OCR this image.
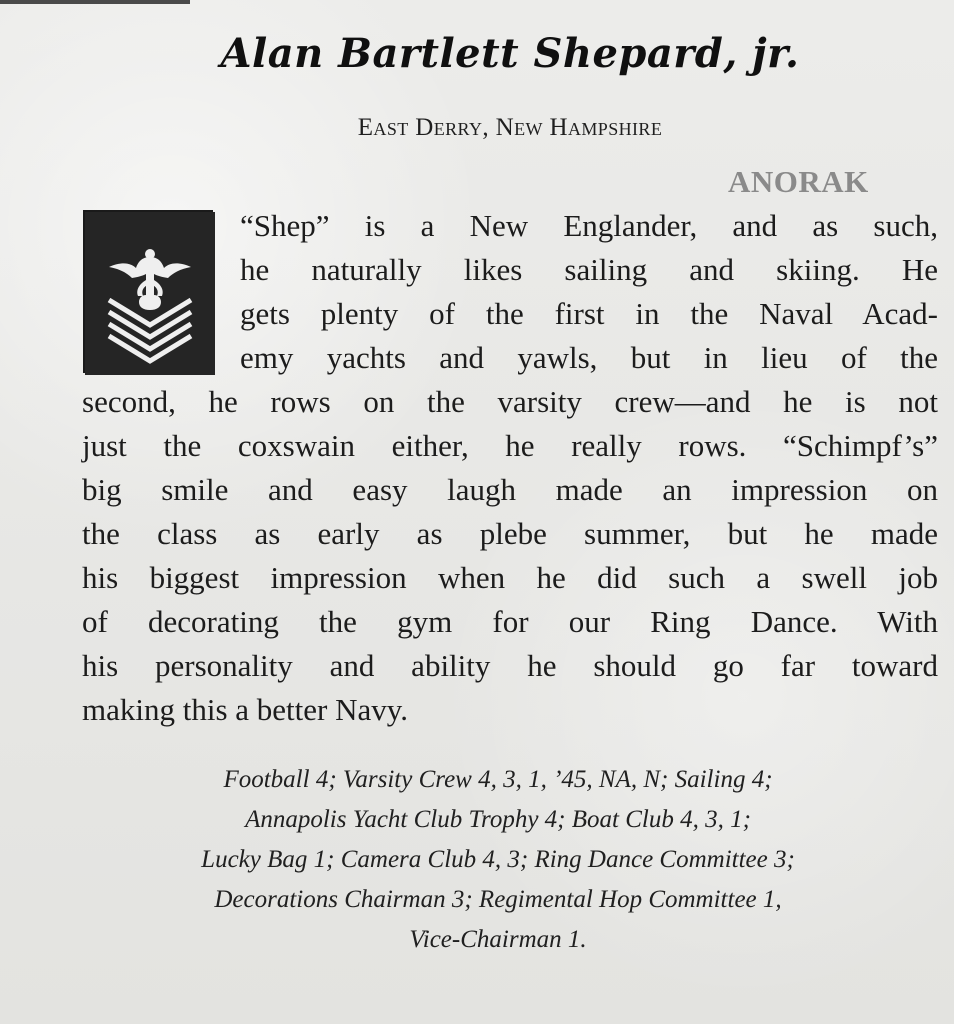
Alan Bartlett Shepard, jr.
East Derry, New Hampshire
ANORAK
“Shep” is a New Englander, and as such,
he naturally likes sailing and skiing. He
gets plenty of the first in the Naval Acad-
emy yachts and yawls, but in lieu of the
second, he rows on the varsity crew—and he is not
just the coxswain either, he really rows. “Schimpf’s”
big smile and easy laugh made an impression on
the class as early as plebe summer, but he made
his biggest impression when he did such a swell job
of decorating the gym for our Ring Dance. With
his personality and ability he should go far toward
making this a better Navy.
Football 4; Varsity Crew 4, 3, 1, ’45, NA, N; Sailing 4;
Annapolis Yacht Club Trophy 4; Boat Club 4, 3, 1;
Lucky Bag 1; Camera Club 4, 3; Ring Dance Committee 3;
Decorations Chairman 3; Regimental Hop Committee 1,
Vice-Chairman 1.
